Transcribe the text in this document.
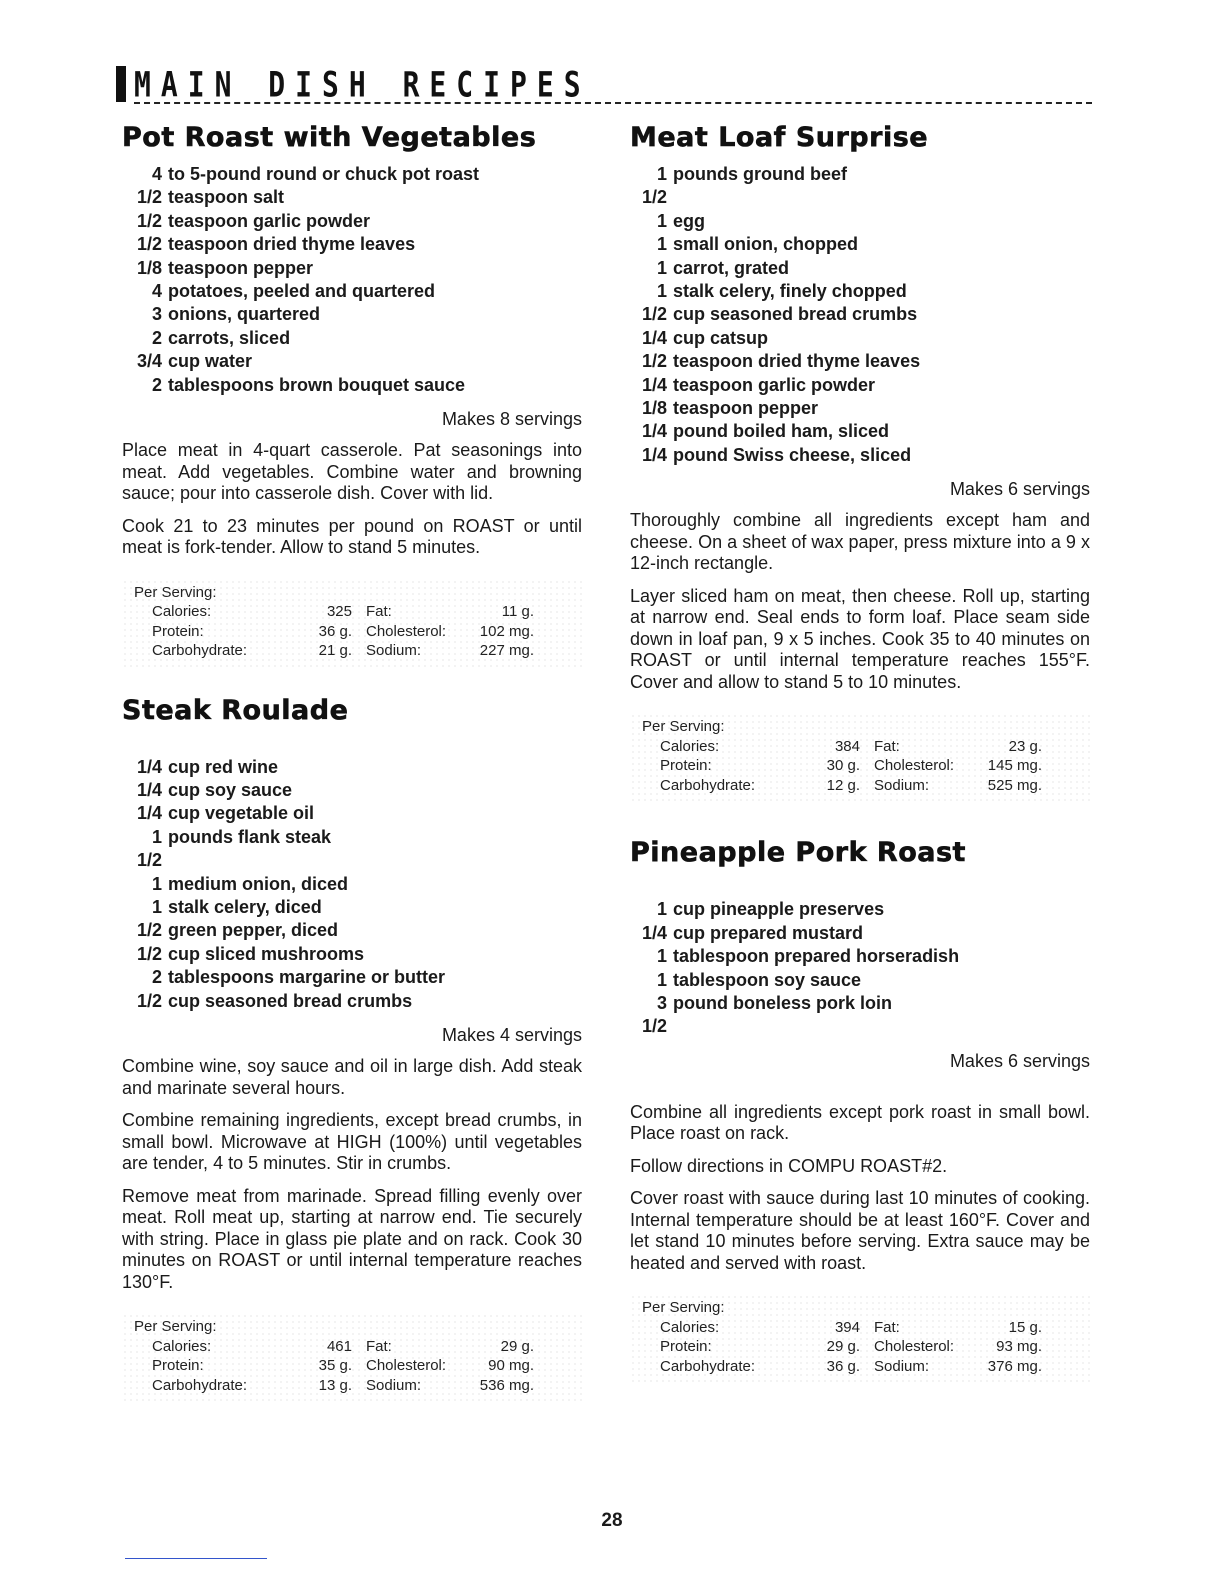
MAIN DISH RECIPES
Pot Roast with Vegetables
4 to 5-pound round or chuck pot roast
1/2 teaspoon salt
1/2 teaspoon garlic powder
1/2 teaspoon dried thyme leaves
1/8 teaspoon pepper
4 potatoes, peeled and quartered
3 onions, quartered
2 carrots, sliced
3/4 cup water
2 tablespoons brown bouquet sauce
Makes 8 servings

Place meat in 4-quart casserole. Pat seasonings into meat. Add vegetables. Combine water and browning sauce; pour into casserole dish. Cover with lid.

Cook 21 to 23 minutes per pound on ROAST or until meat is fork-tender. Allow to stand 5 minutes.

Per Serving:
Calories:	325 Fat:	11 g.
Protein:	36 g. Cholesterol:	102 mg.
Carbohydrate:	21 g. Sodium:	227 mg.
Steak Roulade
1/4 cup red wine
1/4 cup soy sauce
1/4 cup vegetable oil
1 1/2
pounds flank steak
1 medium onion, diced
1 stalk celery, diced
1/2 green pepper, diced
1/2 cup sliced mushrooms
2 tablespoons margarine or butter
1/2 cup seasoned bread crumbs
Makes 4 servings

Combine wine, soy sauce and oil in large dish. Add steak and marinate several hours.

Combine remaining ingredients, except bread crumbs, in small bowl. Microwave at HIGH (100%) until vegetables are tender, 4 to 5 minutes. Stir in crumbs.

Remove meat from marinade. Spread filling evenly over meat. Roll meat up, starting at narrow end. Tie securely with string. Place in glass pie plate and on rack. Cook 30 minutes on ROAST or until internal temperature reaches 130°F.

Per Serving:
Calories:	461 Fat:	29 g.
Protein:	35 g. Cholesterol:	90 mg.
Carbohydrate:	13 g. Sodium:	536 mg.
Meat Loaf Surprise
1 1/2
pounds ground beef
1 egg
1 small onion, chopped
1 carrot, grated
1 stalk celery, finely chopped
1/2 cup seasoned bread crumbs
1/4 cup catsup
1/2 teaspoon dried thyme leaves
1/4 teaspoon garlic powder
1/8 teaspoon pepper
1/4 pound boiled ham, sliced
1/4 pound Swiss cheese, sliced
Makes 6 servings

Thoroughly combine all ingredients except ham and cheese. On a sheet of wax paper, press mixture into a 9 x 12-inch rectangle.

Layer sliced ham on meat, then cheese. Roll up, starting at narrow end. Seal ends to form loaf. Place seam side down in loaf pan, 9 x 5 inches. Cook 35 to 40 minutes on ROAST or until internal temperature reaches 155°F. Cover and allow to stand 5 to 10 minutes.

Per Serving:
Calories:	384 Fat:	23 g.
Protein:	30 g. Cholesterol:	145 mg.
Carbohydrate:	12 g. Sodium:	525 mg.
Pineapple Pork Roast
1 cup pineapple preserves
1/4 cup prepared mustard
1 tablespoon prepared horseradish
1 tablespoon soy sauce
3 1/2
pound boneless pork loin
Makes 6 servings

Combine all ingredients except pork roast in small bowl. Place roast on rack.

Follow directions in COMPU ROAST#2.

Cover roast with sauce during last 10 minutes of cooking. Internal temperature should be at least 160°F. Cover and let stand 10 minutes before serving. Extra sauce may be heated and served with roast.

Per Serving:
Calories:	394 Fat:	15 g.
Protein:	29 g. Cholesterol:	93 mg.
Carbohydrate:	36 g. Sodium:	376 mg.
28
